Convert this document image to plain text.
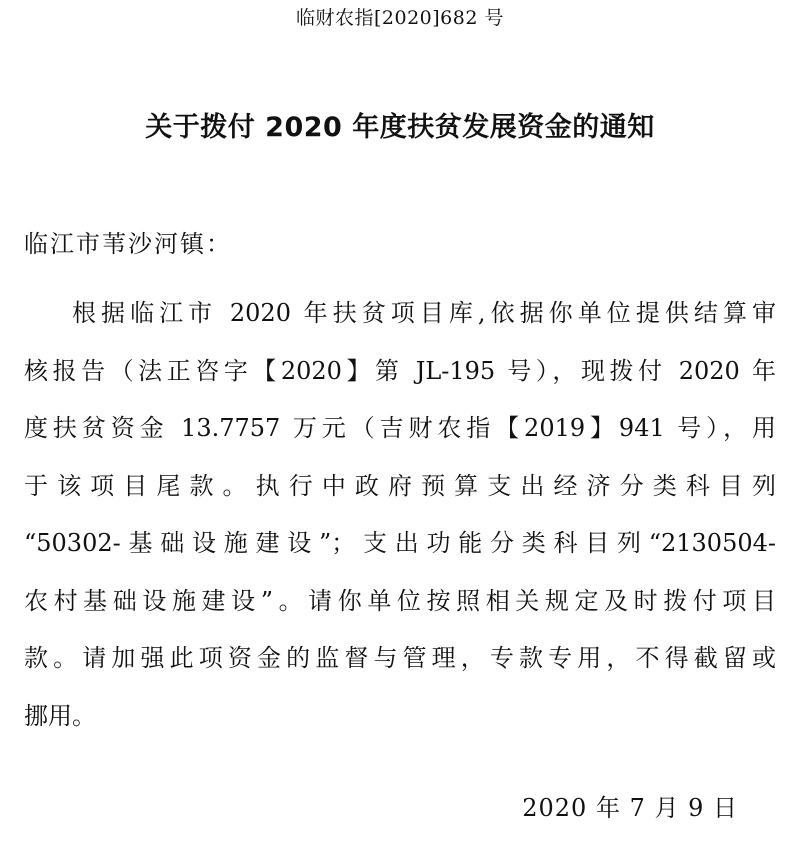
临财农指[2020]682 号
关于拨付 2020 年度扶贫发展资金的通知
临江市苇沙河镇：
根据临江市 2020 年扶贫项目库,依据你单位提供结算审
核报告（法正咨字【2020】第 JL-195 号），现拨付 2020 年
度扶贫资金 13.7757 万元（吉财农指【2019】941 号），用
于该项目尾款。执行中政府预算支出经济分类科目列
“50302-基础设施建设”；支出功能分类科目列“2130504-
农村基础设施建设”。请你单位按照相关规定及时拨付项目
款。请加强此项资金的监督与管理，专款专用，不得截留或
挪用。
2020 年 7 月 9 日
